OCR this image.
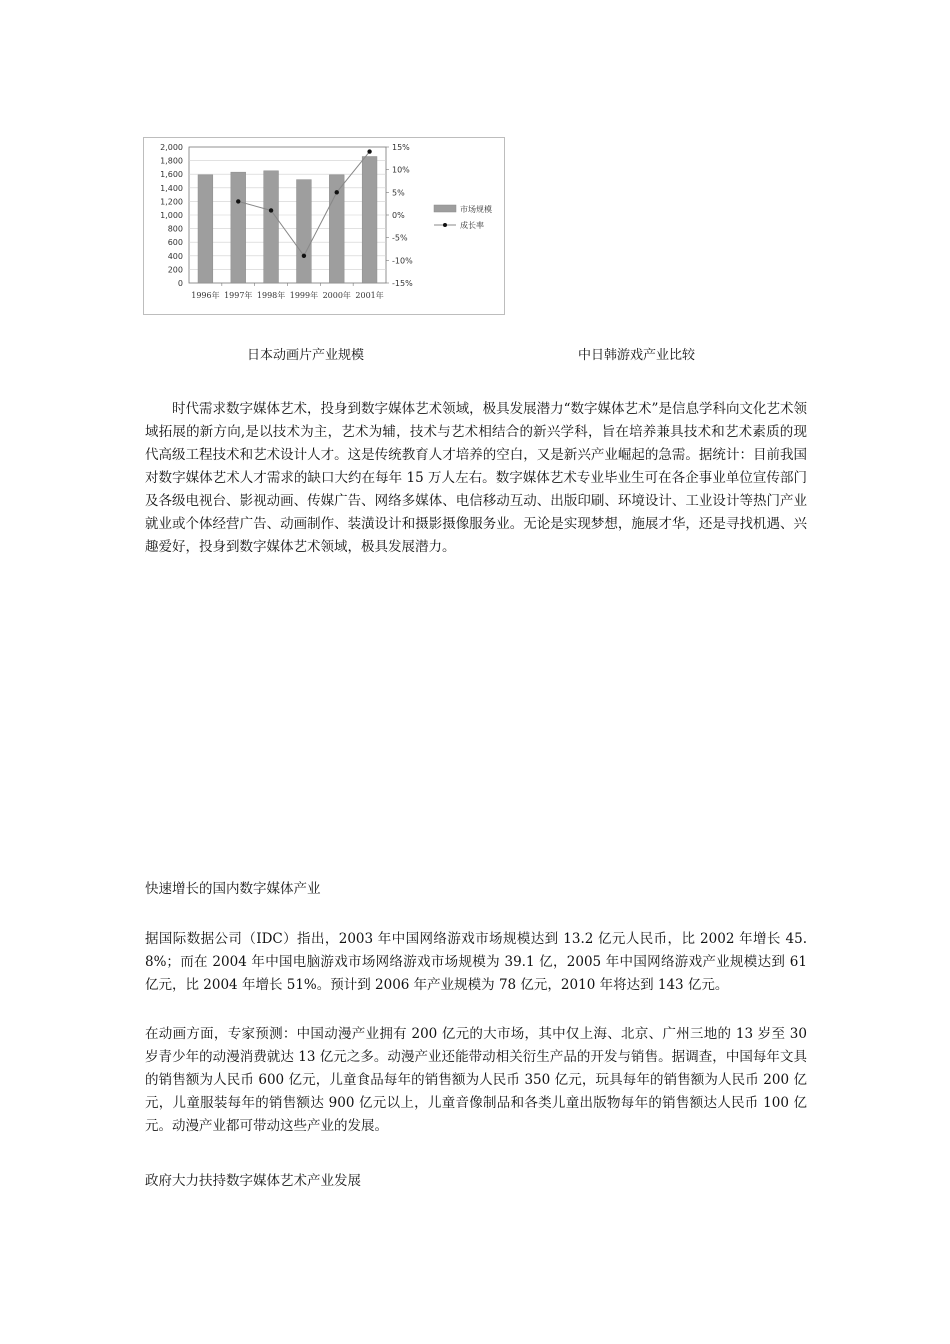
2,000
1,800
1,600
1,400
1,200
1,000
800
600
400
200
0
15%
10%
5%
0%
-5%
-10%
-15%
1996年 1997年 1998年 1999年 2000年 2001年
市场规模
成长率
日本动画片产业规模	中日韩游戏产业比较

时代需求数字媒体艺术，投身到数字媒体艺术领域，极具发展潜力“数字媒体艺术”是信息学科向文化艺术领域拓展的新方向,是以技术为主，艺术为辅，技术与艺术相结合的新兴学科，旨在培养兼具技术和艺术素质的现代高级工程技术和艺术设计人才。这是传统教育人才培养的空白，又是新兴产业崛起的急需。据统计：目前我国对数字媒体艺术人才需求的缺口大约在每年 15 万人左右。数字媒体艺术专业毕业生可在各企事业单位宣传部门及各级电视台、影视动画、传媒广告、网络多媒体、电信移动互动、出版印刷、环境设计、工业设计等热门产业就业或个体经营广告、动画制作、装潢设计和摄影摄像服务业。无论是实现梦想，施展才华，还是寻找机遇、兴趣爱好，投身到数字媒体艺术领域，极具发展潜力。

快速增长的国内数字媒体产业

据国际数据公司（IDC）指出，2003 年中国网络游戏市场规模达到 13.2 亿元人民币，比 2002 年增长 45.8%；而在 2004 年中国电脑游戏市场网络游戏市场规模为 39.1 亿，2005 年中国网络游戏产业规模达到 61 亿元，比 2004 年增长 51%。预计到 2006 年产业规模为 78 亿元，2010 年将达到 143 亿元。

在动画方面，专家预测：中国动漫产业拥有 200 亿元的大市场，其中仅上海、北京、广州三地的 13 岁至 30 岁青少年的动漫消费就达 13 亿元之多。动漫产业还能带动相关衍生产品的开发与销售。据调查，中国每年文具的销售额为人民币 600 亿元，儿童食品每年的销售额为人民币 350 亿元，玩具每年的销售额为人民币 200 亿元，儿童服装每年的销售额达 900 亿元以上，儿童音像制品和各类儿童出版物每年的销售额达人民币 100 亿元。动漫产业都可带动这些产业的发展。

政府大力扶持数字媒体艺术产业发展
